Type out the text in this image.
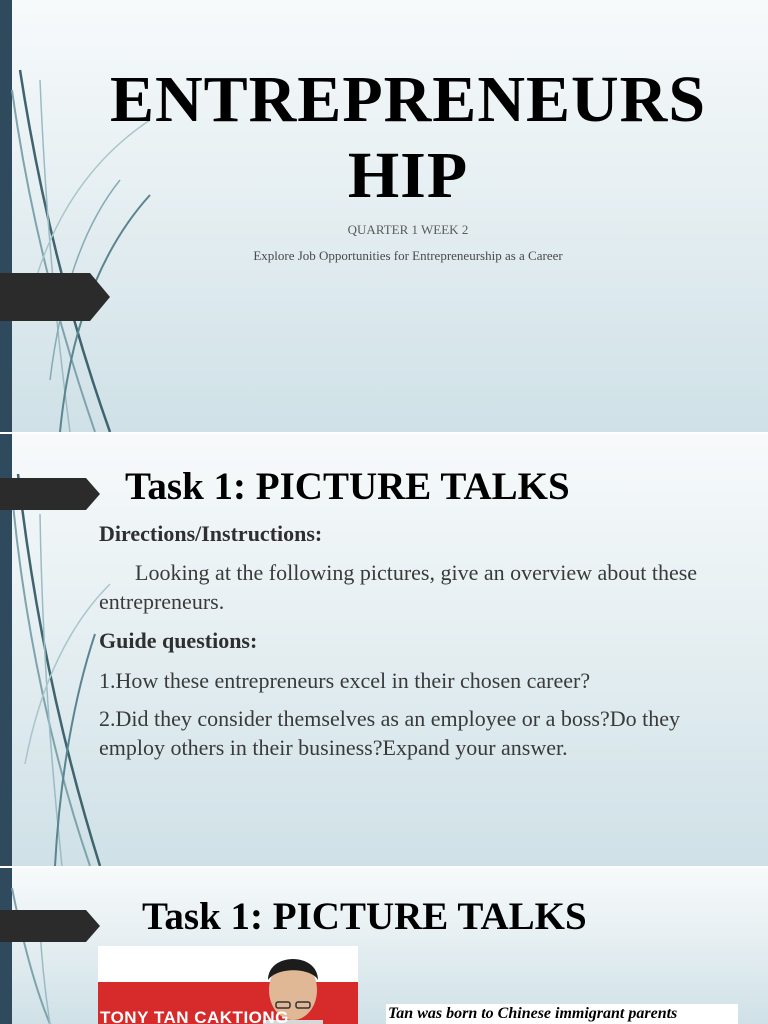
ENTREPRENEURS
HIP
QUARTER 1 WEEK 2
Explore Job Opportunities for Entrepreneurship as a Career
Task 1: PICTURE TALKS
Directions/Instructions:
Looking at the following pictures, give an overview about these entrepreneurs.
Guide questions:
1.How these entrepreneurs excel in their chosen career?
2.Did they consider themselves as an employee or a boss?Do they employ others in their business?Expand your answer.
Task 1: PICTURE TALKS
TONY TAN CAKTIONG	Tan was born to Chinese immigrant parents
